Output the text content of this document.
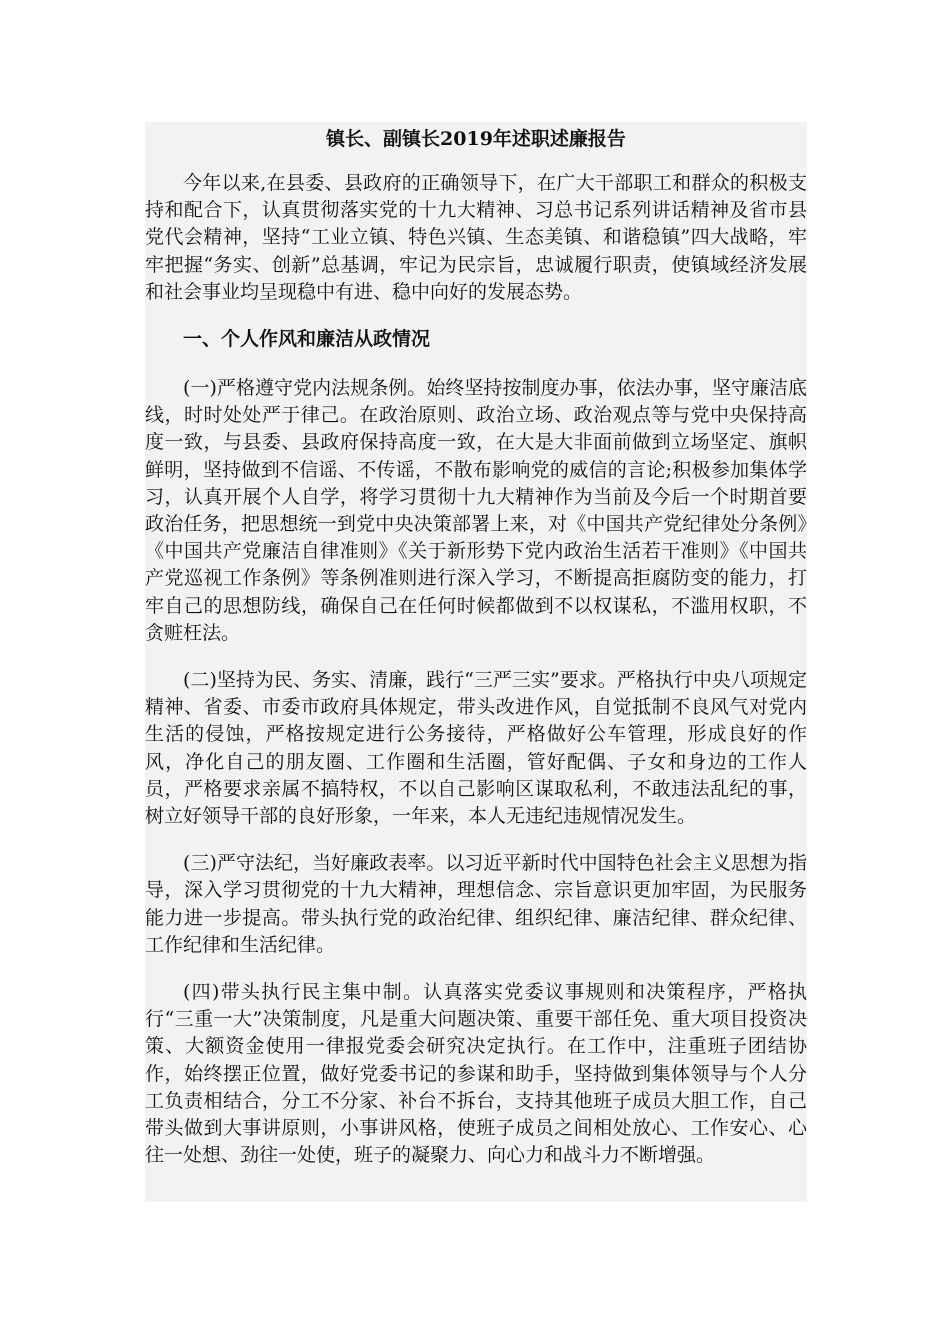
镇长、副镇长2019年述职述廉报告

今年以来,在县委、县政府的正确领导下，在广大干部职工和群众的积极支持和配合下，认真贯彻落实党的十九大精神、习总书记系列讲话精神及省市县党代会精神，坚持“工业立镇、特色兴镇、生态美镇、和谐稳镇”四大战略，牢牢把握“务实、创新”总基调，牢记为民宗旨，忠诚履行职责，使镇域经济发展和社会事业均呈现稳中有进、稳中向好的发展态势。

一、个人作风和廉洁从政情况

(一)严格遵守党内法规条例。始终坚持按制度办事，依法办事，坚守廉洁底线，时时处处严于律己。在政治原则、政治立场、政治观点等与党中央保持高度一致，与县委、县政府保持高度一致，在大是大非面前做到立场坚定、旗帜鲜明，坚持做到不信谣、不传谣，不散布影响党的威信的言论;积极参加集体学习，认真开展个人自学，将学习贯彻十九大精神作为当前及今后一个时期首要政治任务，把思想统一到党中央决策部署上来，对《中国共产党纪律处分条例》《中国共产党廉洁自律准则》《关于新形势下党内政治生活若干准则》《中国共产党巡视工作条例》等条例准则进行深入学习，不断提高拒腐防变的能力，打牢自己的思想防线，确保自己在任何时候都做到不以权谋私，不滥用权职，不贪赃枉法。

(二)坚持为民、务实、清廉，践行“三严三实”要求。严格执行中央八项规定精神、省委、市委市政府具体规定，带头改进作风，自觉抵制不良风气对党内生活的侵蚀，严格按规定进行公务接待，严格做好公车管理，形成良好的作风，净化自己的朋友圈、工作圈和生活圈，管好配偶、子女和身边的工作人员，严格要求亲属不搞特权，不以自己影响区谋取私利，不敢违法乱纪的事，树立好领导干部的良好形象，一年来，本人无违纪违规情况发生。

(三)严守法纪，当好廉政表率。以习近平新时代中国特色社会主义思想为指导，深入学习贯彻党的十九大精神，理想信念、宗旨意识更加牢固，为民服务能力进一步提高。带头执行党的政治纪律、组织纪律、廉洁纪律、群众纪律、工作纪律和生活纪律。

(四)带头执行民主集中制。认真落实党委议事规则和决策程序，严格执行“三重一大”决策制度，凡是重大问题决策、重要干部任免、重大项目投资决策、大额资金使用一律报党委会研究决定执行。在工作中，注重班子团结协作，始终摆正位置，做好党委书记的参谋和助手，坚持做到集体领导与个人分工负责相结合，分工不分家、补台不拆台，支持其他班子成员大胆工作，自己带头做到大事讲原则，小事讲风格，使班子成员之间相处放心、工作安心、心往一处想、劲往一处使，班子的凝聚力、向心力和战斗力不断增强。
